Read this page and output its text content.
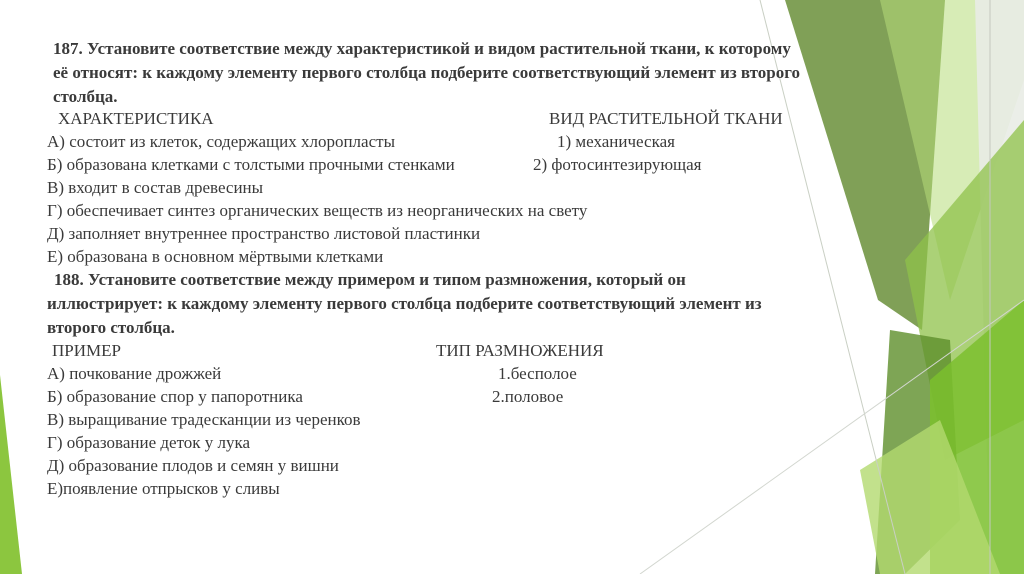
187. Установите соответствие между характеристикой и видом растительной ткани, к которому
её относят: к каждому элементу первого столбца подберите соответствующий элемент из второго
столбца.
ХАРАКТЕРИСТИКА	ВИД РАСТИТЕЛЬНОЙ ТКАНИ
А) состоит из клеток, содержащих хлоропласты	1) механическая
Б) образована клетками с толстыми прочными стенками	2) фотосинтезирующая
В) входит в состав древесины
Г) обеспечивает синтез органических веществ из неорганических на свету
Д) заполняет внутреннее пространство листовой пластинки
Е) образована в основном мёртвыми клетками
188. Установите соответствие между примером и типом размножения, который он
иллюстрирует: к каждому элементу первого столбца подберите соответствующий элемент из
второго столбца.
ПРИМЕР	ТИП РАЗМНОЖЕНИЯ
А) почкование дрожжей	1.бесполое
Б) образование спор у папоротника	2.половое
В) выращивание традесканции из черенков
Г) образование деток у лука
Д) образование плодов и семян у вишни
Е)появление отпрысков у сливы
